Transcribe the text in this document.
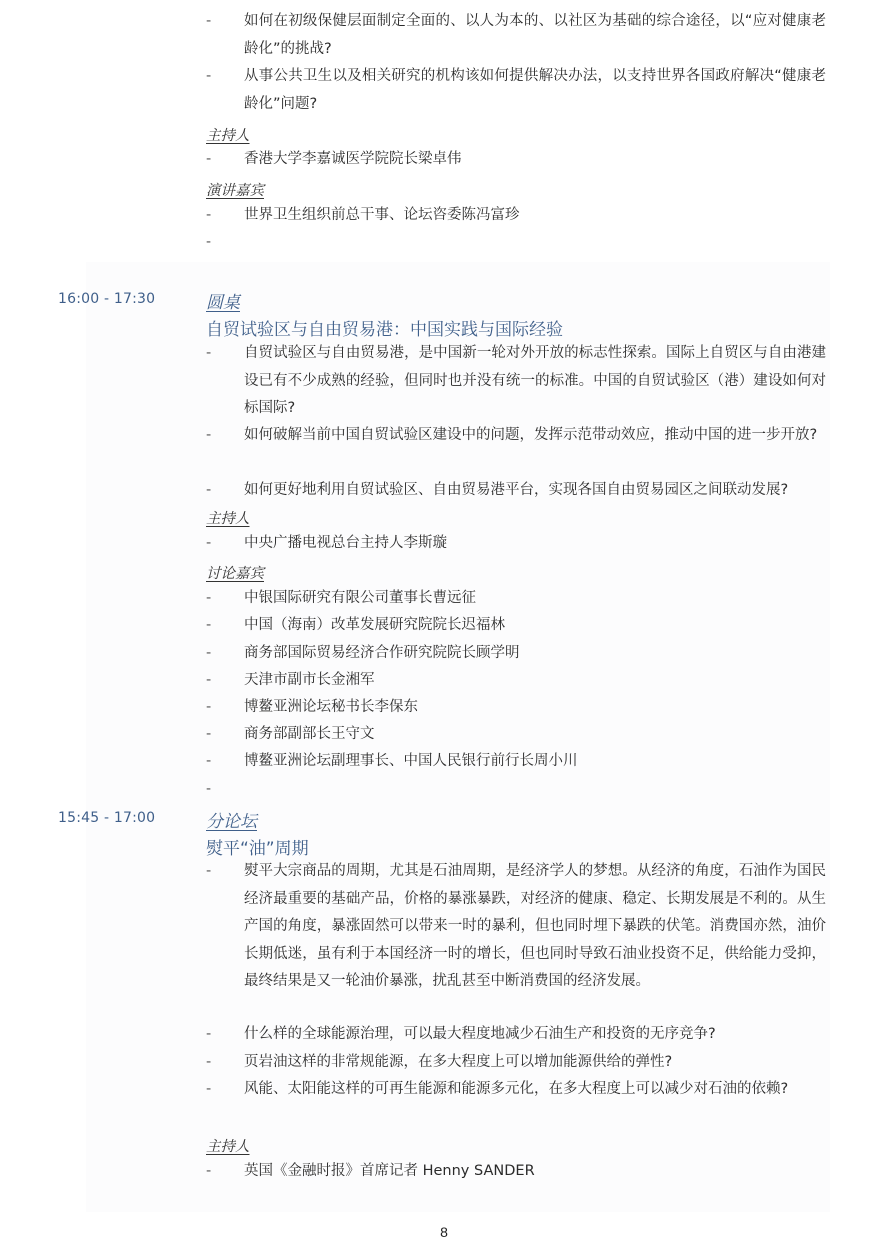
-	如何在初级保健层面制定全面的、以人为本的、以社区为基础的综合途径，以“应对健康老龄化”的挑战?
-	从事公共卫生以及相关研究的机构该如何提供解决办法，以支持世界各国政府解决“健康老龄化”问题?
主持人
-	香港大学李嘉诚医学院院长梁卓伟
演讲嘉宾
-	世界卫生组织前总干事、论坛咨委陈冯富珍
-
16:00 - 17:30	圆桌
自贸试验区与自由贸易港：中国实践与国际经验
-	自贸试验区与自由贸易港，是中国新一轮对外开放的标志性探索。国际上自贸区与自由港建设已有不少成熟的经验，但同时也并没有统一的标准。中国的自贸试验区（港）建设如何对标国际?
-	如何破解当前中国自贸试验区建设中的问题，发挥示范带动效应，推动中国的进一步开放?
-	如何更好地利用自贸试验区、自由贸易港平台，实现各国自由贸易园区之间联动发展?
主持人
-	中央广播电视总台主持人李斯璇
讨论嘉宾
-	中银国际研究有限公司董事长曹远征
-	中国（海南）改革发展研究院院长迟福林
-	商务部国际贸易经济合作研究院院长顾学明
-	天津市副市长金湘军
-	博鳌亚洲论坛秘书长李保东
-	商务部副部长王守文
-	博鳌亚洲论坛副理事长、中国人民银行前行长周小川
-
15:45 - 17:00	分论坛
熨平“油”周期
-	熨平大宗商品的周期，尤其是石油周期，是经济学人的梦想。从经济的角度，石油作为国民经济最重要的基础产品，价格的暴涨暴跌，对经济的健康、稳定、长期发展是不利的。从生产国的角度，暴涨固然可以带来一时的暴利，但也同时埋下暴跌的伏笔。消费国亦然，油价长期低迷，虽有利于本国经济一时的增长，但也同时导致石油业投资不足，供给能力受抑，最终结果是又一轮油价暴涨，扰乱甚至中断消费国的经济发展。
-	什么样的全球能源治理，可以最大程度地减少石油生产和投资的无序竞争?
-	页岩油这样的非常规能源，在多大程度上可以增加能源供给的弹性?
-	风能、太阳能这样的可再生能源和能源多元化，在多大程度上可以减少对石油的依赖?
主持人
-	英国《金融时报》首席记者 Henny SANDER
8
